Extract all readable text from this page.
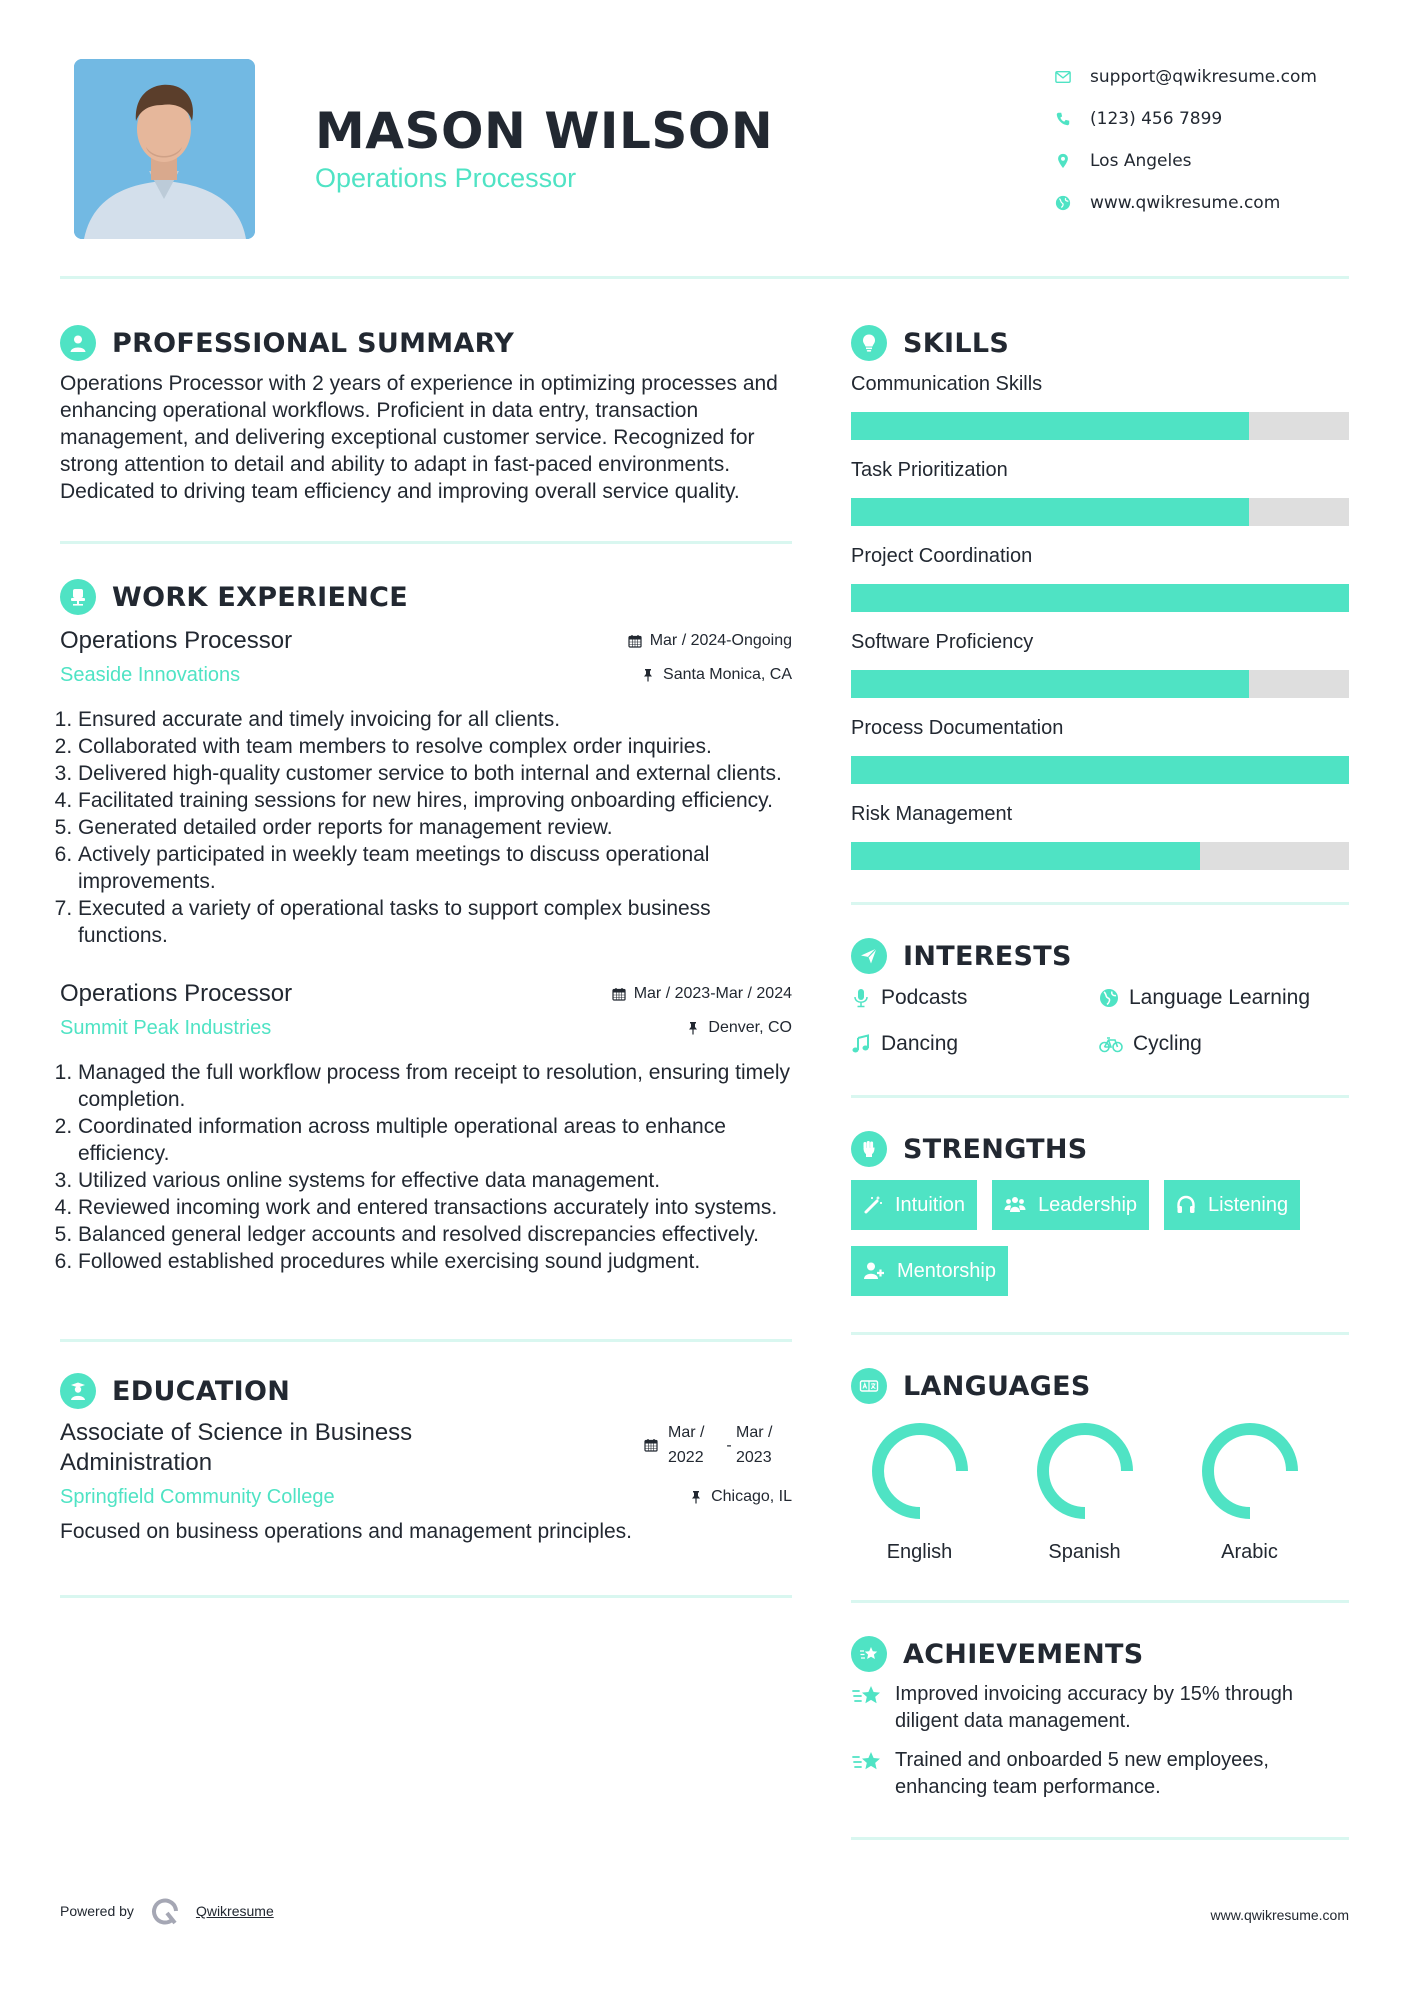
MASON WILSON
Operations Processor
support@qwikresume.com
(123) 456 7899
Los Angeles
www.qwikresume.com
PROFESSIONAL SUMMARY

Operations Processor with 2 years of experience in optimizing processes and enhancing operational workflows. Proficient in data entry, transaction management, and delivering exceptional customer service. Recognized for strong attention to detail and ability to adapt in fast-paced environments. Dedicated to driving team efficiency and improving overall service quality.

WORK EXPERIENCE
Operations Processor	Mar / 2024-Ongoing
Seaside Innovations	Santa Monica, CA
1. Ensured accurate and timely invoicing for all clients.
2. Collaborated with team members to resolve complex order inquiries.
3. Delivered high-quality customer service to both internal and external clients.
4. Facilitated training sessions for new hires, improving onboarding efficiency.
5. Generated detailed order reports for management review.
6. Actively participated in weekly team meetings to discuss operational improvements.
7. Executed a variety of operational tasks to support complex business functions.
Operations Processor	Mar / 2023-Mar / 2024
Summit Peak Industries	Denver, CO
1. Managed the full workflow process from receipt to resolution, ensuring timely completion.
2. Coordinated information across multiple operational areas to enhance efficiency.
3. Utilized various online systems for effective data management.
4. Reviewed incoming work and entered transactions accurately into systems.
5. Balanced general ledger accounts and resolved discrepancies effectively.
6. Followed established procedures while exercising sound judgment.
EDUCATION
Associate of Science in Business Administration
Mar / 2022
-
Mar / 2023
Springfield Community College	Chicago, IL

Focused on business operations and management principles.

SKILLS
Communication Skills
Task Prioritization
Project Coordination
Software Proficiency
Process Documentation
Risk Management
INTERESTS
Podcasts	Language Learning
Dancing	Cycling
STRENGTHS
Intuition	Leadership	Listening
Mentorship
LANGUAGES
English	Spanish	Arabic
ACHIEVEMENTS
Improved invoicing accuracy by 15% through diligent data management.
Trained and onboarded 5 new employees, enhancing team performance.
Powered by	Qwikresume	www.qwikresume.com
